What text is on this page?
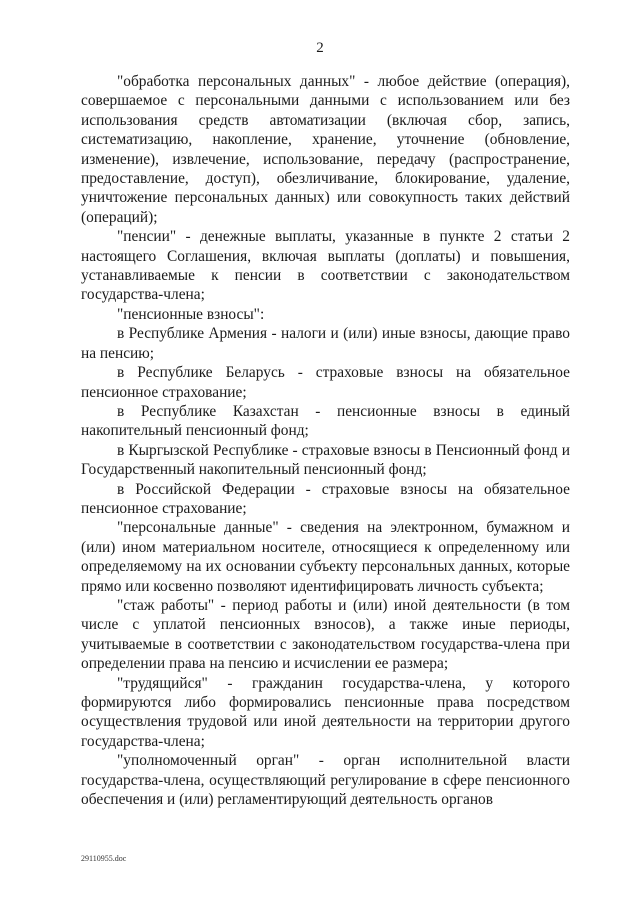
2

"обработка персональных данных" - любое действие (операция), совершаемое с персональными данными с использованием или без использования средств автоматизации (включая сбор, запись, систематизацию, накопление, хранение, уточнение (обновление, изменение), извлечение, использование, передачу (распространение, предоставление, доступ), обезличивание, блокирование, удаление, уничтожение персональных данных) или совокупность таких действий (операций);

"пенсии" - денежные выплаты, указанные в пункте 2 статьи 2 настоящего Соглашения, включая выплаты (доплаты) и повышения, устанавливаемые к пенсии в соответствии с законодательством государства-члена;

"пенсионные взносы":

в Республике Армения - налоги и (или) иные взносы, дающие право на пенсию;

в Республике Беларусь - страховые взносы на обязательное пенсионное страхование;

в Республике Казахстан - пенсионные взносы в единый накопительный пенсионный фонд;

в Кыргызской Республике - страховые взносы в Пенсионный фонд и Государственный накопительный пенсионный фонд;

в Российской Федерации - страховые взносы на обязательное пенсионное страхование;

"персональные данные" - сведения на электронном, бумажном и (или) ином материальном носителе, относящиеся к определенному или определяемому на их основании субъекту персональных данных, которые прямо или косвенно позволяют идентифицировать личность субъекта;

"стаж работы" - период работы и (или) иной деятельности (в том числе с уплатой пенсионных взносов), а также иные периоды, учитываемые в соответствии с законодательством государства-члена при определении права на пенсию и исчислении ее размера;

"трудящийся" - гражданин государства-члена, у которого формируются либо формировались пенсионные права посредством осуществления трудовой или иной деятельности на территории другого государства-члена;

"уполномоченный орган" - орган исполнительной власти государства-члена, осуществляющий регулирование в сфере пенсионного обеспечения и (или) регламентирующий деятельность органов

29110955.doc
